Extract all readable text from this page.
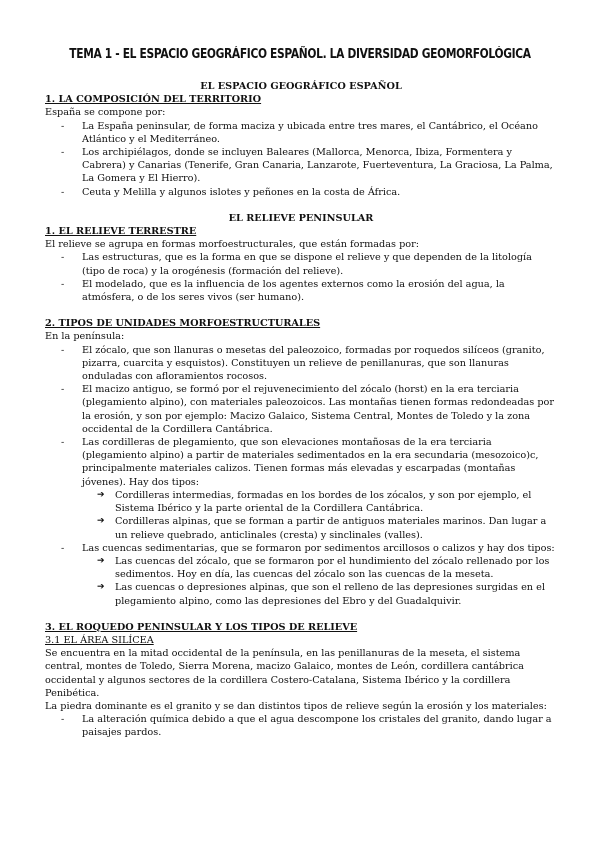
TEMA 1 - EL ESPACIO GEOGRÁFICO ESPAÑOL. LA DIVERSIDAD GEOMORFOLÓGICA

EL ESPACIO GEOGRÁFICO ESPAÑOL

1. LA COMPOSICIÓN DEL TERRITORIO

España se compone por:

- La España peninsular, de forma maciza y ubicada entre tres mares, el Cantábrico, el Océano Atlántico y el Mediterráneo.
- Los archipiélagos, donde se incluyen Baleares (Mallorca, Menorca, Ibiza, Formentera y Cabrera) y Canarias (Tenerife, Gran Canaria, Lanzarote, Fuerteventura, La Graciosa, La Palma, La Gomera y El Hierro).
- Ceuta y Melilla y algunos islotes y peñones en la costa de África.

EL RELIEVE PENINSULAR

1. EL RELIEVE TERRESTRE

El relieve se agrupa en formas morfoestructurales, que están formadas por:

- Las estructuras, que es la forma en que se dispone el relieve y que dependen de la litología (tipo de roca) y la orogénesis (formación del relieve).
- El modelado, que es la influencia de los agentes externos como la erosión del agua, la atmósfera, o de los seres vivos (ser humano).

2. TIPOS DE UNIDADES MORFOESTRUCTURALES

En la península:

- El zócalo, que son llanuras o mesetas del paleozoico, formadas por roquedos silíceos (granito, pizarra, cuarcita y esquistos). Constituyen un relieve de penillanuras, que son llanuras onduladas con afloramientos rocosos.
- El macizo antiguo, se formó por el rejuvenecimiento del zócalo (horst) en la era terciaria (plegamiento alpino), con materiales paleozoicos. Las montañas tienen formas redondeadas por la erosión, y son por ejemplo: Macizo Galaico, Sistema Central, Montes de Toledo y la zona occidental de la Cordillera Cantábrica.
- Las cordilleras de plegamiento, que son elevaciones montañosas de la era terciaria (plegamiento alpino) a partir de materiales sedimentados en la era secundaria (mesozoico)c, principalmente materiales calizos. Tienen formas más elevadas y escarpadas (montañas jóvenes). Hay dos tipos:
➔ Cordilleras intermedias, formadas en los bordes de los zócalos, y son por ejemplo, el Sistema Ibérico y la parte oriental de la Cordillera Cantábrica.
➔ Cordilleras alpinas, que se forman a partir de antiguos materiales marinos. Dan lugar a un relieve quebrado, anticlinales (cresta) y sinclinales (valles).
- Las cuencas sedimentarias, que se formaron por sedimentos arcillosos o calizos y hay dos tipos:
➔ Las cuencas del zócalo, que se formaron por el hundimiento del zócalo rellenado por los sedimentos. Hoy en día, las cuencas del zócalo son las cuencas de la meseta.
➔ Las cuencas o depresiones alpinas, que son el relleno de las depresiones surgidas en el plegamiento alpino, como las depresiones del Ebro y del Guadalquivir.

3. EL ROQUEDO PENINSULAR Y LOS TIPOS DE RELIEVE

3.1 EL ÁREA SILÍCEA

Se encuentra en la mitad occidental de la península, en las penillanuras de la meseta, el sistema central, montes de Toledo, Sierra Morena, macizo Galaico, montes de León, cordillera cantábrica occidental y algunos sectores de la cordillera Costero-Catalana, Sistema Ibérico y la cordillera Penibética.

La piedra dominante es el granito y se dan distintos tipos de relieve según la erosión y los materiales:

- La alteración química debido a que el agua descompone los cristales del granito, dando lugar a paisajes pardos.
